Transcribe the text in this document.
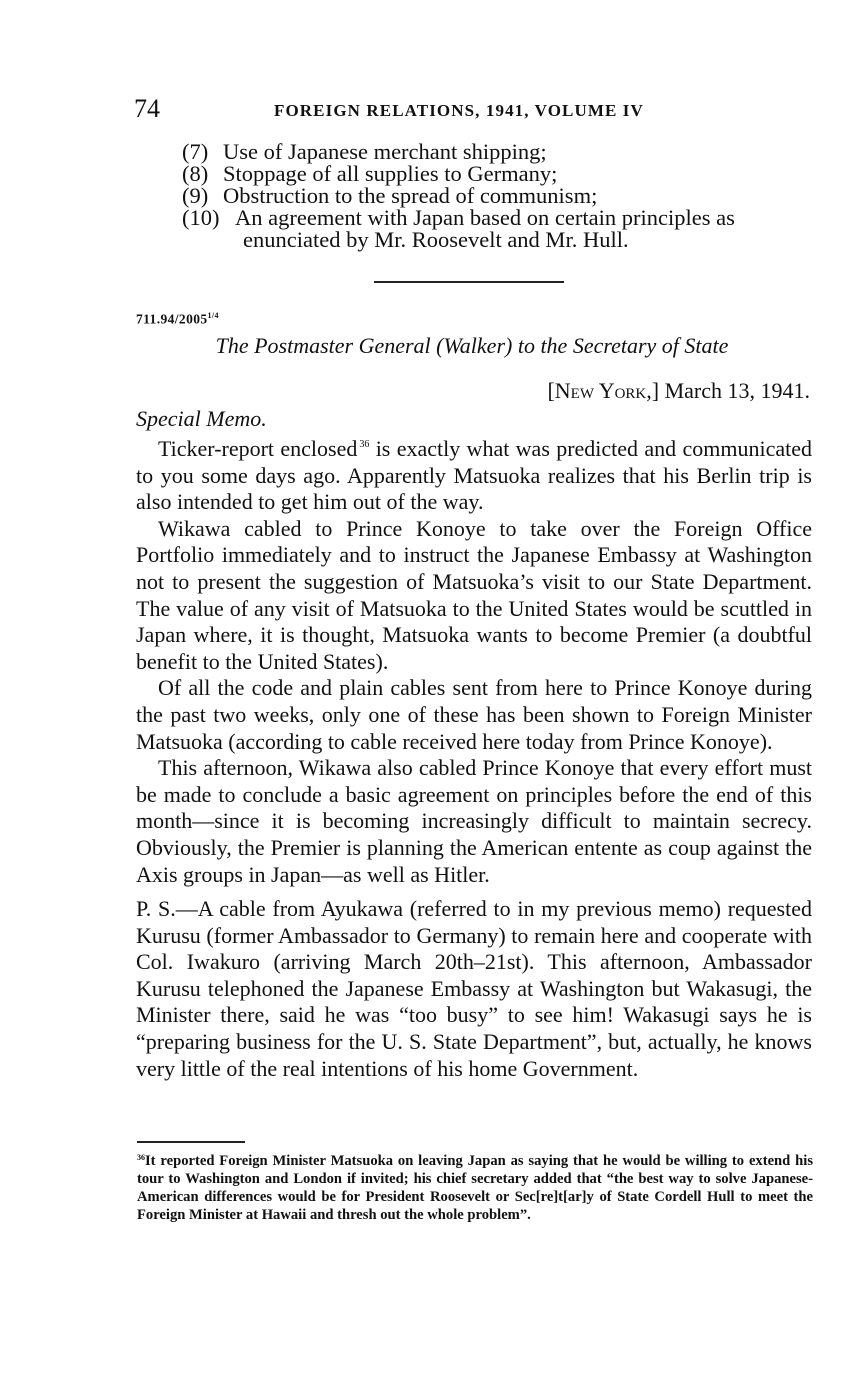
74	FOREIGN RELATIONS, 1941, VOLUME IV
(7) Use of Japanese merchant shipping;
(8) Stoppage of all supplies to Germany;
(9) Obstruction to the spread of communism;
(10) An agreement with Japan based on certain principles as
enunciated by Mr. Roosevelt and Mr. Hull.
$711.94/2005^{1/4}$
The Postmaster General (Walker) to the Secretary of State
[New York,] March 13, 1941.
Special Memo.

Ticker-report enclosed $^{36}$ is exactly what was predicted and communicated to you some days ago. Apparently Matsuoka realizes that his Berlin trip is also intended to get him out of the way.

Wikawa cabled to Prince Konoye to take over the Foreign Office Portfolio immediately and to instruct the Japanese Embassy at Washington not to present the suggestion of Matsuoka’s visit to our State Department. The value of any visit of Matsuoka to the United States would be scuttled in Japan where, it is thought, Matsuoka wants to become Premier (a doubtful benefit to the United States).

Of all the code and plain cables sent from here to Prince Konoye during the past two weeks, only one of these has been shown to Foreign Minister Matsuoka (according to cable received here today from Prince Konoye).

This afternoon, Wikawa also cabled Prince Konoye that every effort must be made to conclude a basic agreement on principles before the end of this month—since it is becoming increasingly difficult to maintain secrecy. Obviously, the Premier is planning the American entente as coup against the Axis groups in Japan—as well as Hitler.

P. S.—A cable from Ayukawa (referred to in my previous memo) requested Kurusu (former Ambassador to Germany) to remain here and cooperate with Col. Iwakuro (arriving March 20th–21st). This afternoon, Ambassador Kurusu telephoned the Japanese Embassy at Washington but Wakasugi, the Minister there, said he was “too busy” to see him! Wakasugi says he is “preparing business for the U. S. State Department”, but, actually, he knows very little of the real intentions of his home Government.

$^{36}$It reported Foreign Minister Matsuoka on leaving Japan as saying that he would be willing to extend his tour to Washington and London if invited; his chief secretary added that “the best way to solve Japanese-American differences would be for President Roosevelt or Sec[re]t[ar]y of State Cordell Hull to meet the Foreign Minister at Hawaii and thresh out the whole problem”.
